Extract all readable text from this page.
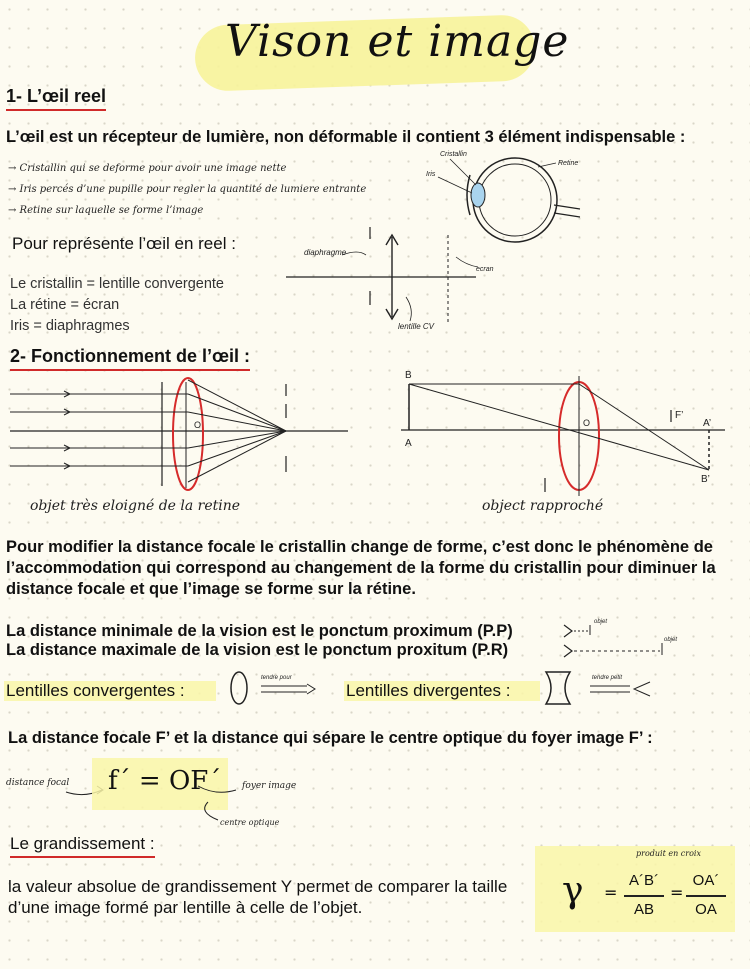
Vison et image
1- L’œil reel
L’œil est un récepteur de lumière, non déformable il contient 3 élément indispensable :
→ Cristallin qui se deforme pour avoir une image nette
→ Iris percés d’une pupille pour regler la quantité de lumiere entrante
→ Retine sur laquelle se forme l’image
Cristallin
Iris
Retine
Pour représente l’œil en reel :
Le cristallin = lentille convergente
La rétine = écran
Iris = diaphragmes
diaphragme
ecran
lentille CV
2- Fonctionnement de l’œil :
O
objet très eloigné de la retine
B
A
O
F’
A’
B’
object rapproché
Pour modifier la distance focale le cristallin change de forme, c’est donc le phénomène de l’accommodation qui correspond au changement de la forme du cristallin pour diminuer la distance focale et que l’image se forme sur la rétine.
La distance minimale de la vision est le ponctum proximum (P.P)
La distance maximale de la vision est le ponctum proxitum (P.R)
objet
objet
Lentilles convergentes :
tendre pour
Lentilles divergentes :
tendre petit
La distance focale F’ et la distance qui sépare le centre optique du foyer image F’ :
distance focal f´ = OF´ foyer image
centre optique
Le grandissement :
la valeur absolue de grandissement Y permet de comparer la taille d’une image formé par lentille à celle de l’objet.
produit en croix
γ =
A´B´
AB
=
OA´
OA
